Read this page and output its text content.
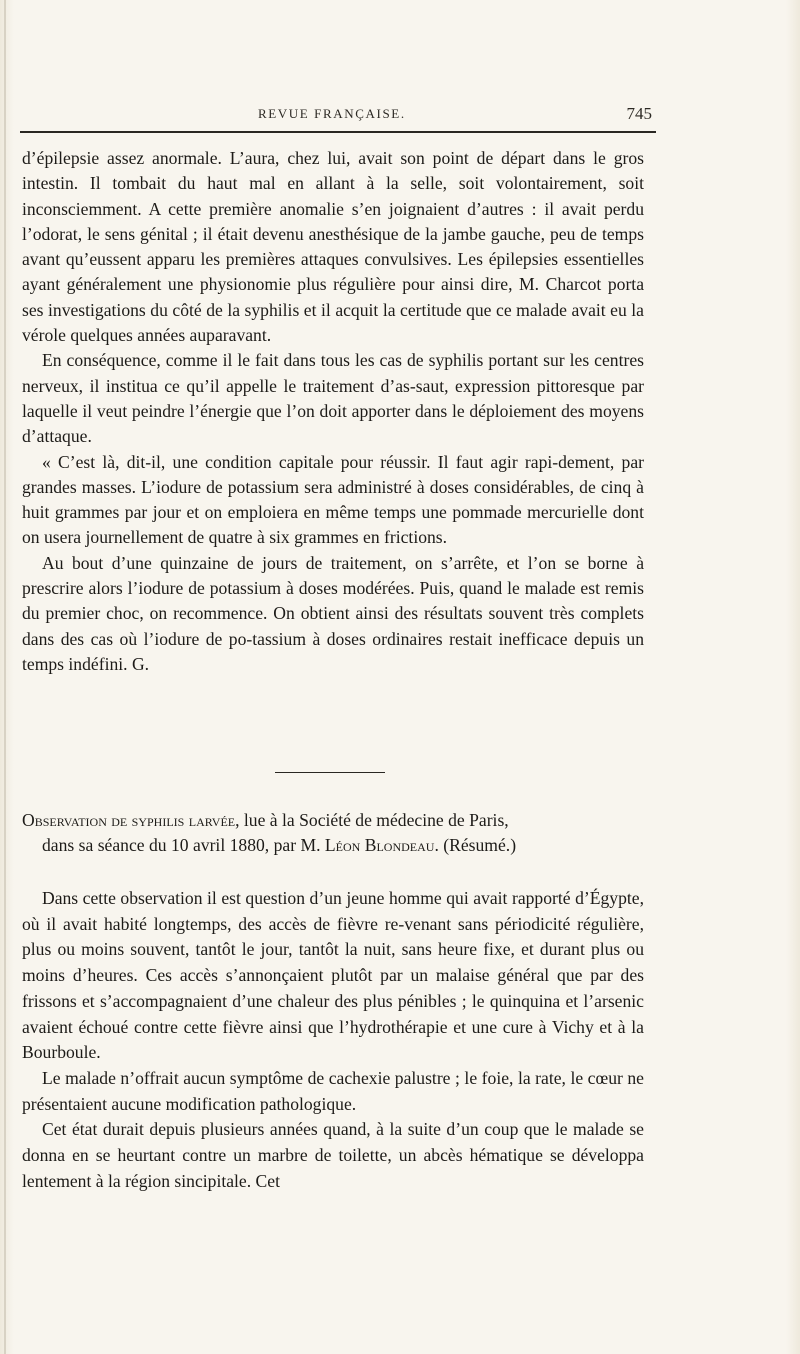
REVUE FRANÇAISE.	745

d’épilepsie assez anormale. L’aura, chez lui, avait son point de départ dans le gros intestin. Il tombait du haut mal en allant à la selle, soit volontairement, soit inconsciemment. A cette première anomalie s’en joignaient d’autres : il avait perdu l’odorat, le sens génital ; il était devenu anesthésique de la jambe gauche, peu de temps avant qu’eussent apparu les premières attaques convulsives. Les épilepsies essentielles ayant généralement une physionomie plus régulière pour ainsi dire, M. Charcot porta ses investigations du côté de la syphilis et il acquit la certitude que ce malade avait eu la vérole quelques années auparavant.

En conséquence, comme il le fait dans tous les cas de syphilis portant sur les centres nerveux, il institua ce qu’il appelle le traitement d’as-saut, expression pittoresque par laquelle il veut peindre l’énergie que l’on doit apporter dans le déploiement des moyens d’attaque.

« C’est là, dit-il, une condition capitale pour réussir. Il faut agir rapi-dement, par grandes masses. L’iodure de potassium sera administré à doses considérables, de cinq à huit grammes par jour et on emploiera en même temps une pommade mercurielle dont on usera journellement de quatre à six grammes en frictions.

Au bout d’une quinzaine de jours de traitement, on s’arrête, et l’on se borne à prescrire alors l’iodure de potassium à doses modérées. Puis, quand le malade est remis du premier choc, on recommence. On obtient ainsi des résultats souvent très complets dans des cas où l’iodure de po-tassium à doses ordinaires restait inefficace depuis un temps indéfini. G.

Observation de syphilis larvée, lue à la Société de médecine de Paris,
dans sa séance du 10 avril 1880, par M. Léon Blondeau. (Résumé.)

Dans cette observation il est question d’un jeune homme qui avait rapporté d’Égypte, où il avait habité longtemps, des accès de fièvre re-venant sans périodicité régulière, plus ou moins souvent, tantôt le jour, tantôt la nuit, sans heure fixe, et durant plus ou moins d’heures. Ces accès s’annonçaient plutôt par un malaise général que par des frissons et s’accompagnaient d’une chaleur des plus pénibles ; le quinquina et l’arsenic avaient échoué contre cette fièvre ainsi que l’hydrothérapie et une cure à Vichy et à la Bourboule.

Le malade n’offrait aucun symptôme de cachexie palustre ; le foie, la rate, le cœur ne présentaient aucune modification pathologique.

Cet état durait depuis plusieurs années quand, à la suite d’un coup que le malade se donna en se heurtant contre un marbre de toilette, un abcès hématique se développa lentement à la région sincipitale. Cet
